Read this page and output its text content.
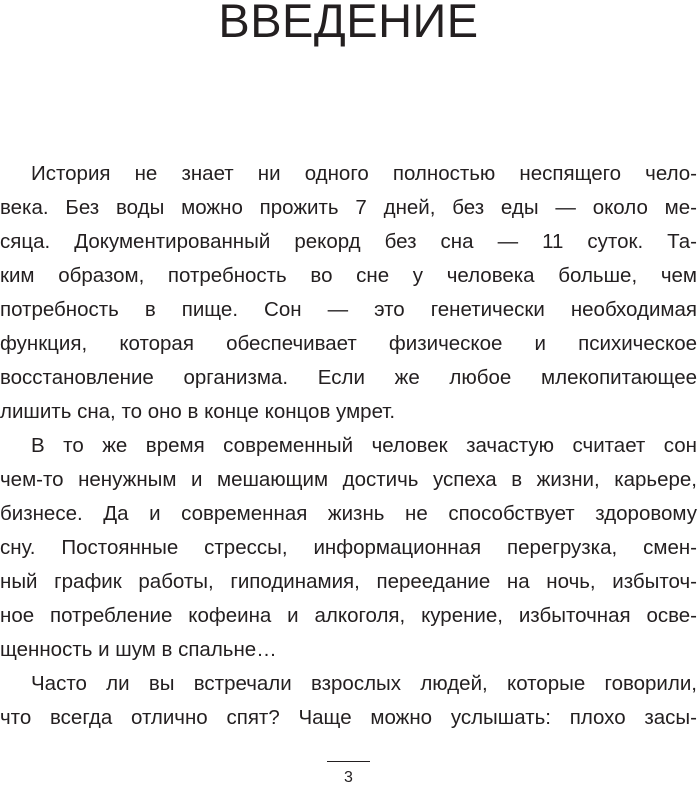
ВВЕДЕНИЕ
История не знает ни одного полностью неспящего чело-
века. Без воды можно прожить 7 дней, без еды — около ме-
сяца. Документированный рекорд без сна — 11 суток. Та-
ким образом, потребность во сне у человека больше, чем
потребность в пище. Сон — это генетически необходимая
функция, которая обеспечивает физическое и психическое
восстановление организма. Если же любое млекопитающее
лишить сна, то оно в конце концов умрет.
В то же время современный человек зачастую считает сон
чем-то ненужным и мешающим достичь успеха в жизни, карьере,
бизнесе. Да и современная жизнь не способствует здоровому
сну. Постоянные стрессы, информационная перегрузка, смен-
ный график работы, гиподинамия, переедание на ночь, избыточ-
ное потребление кофеина и алкоголя, курение, избыточная осве-
щенность и шум в спальне…
Часто ли вы встречали взрослых людей, которые говорили,
что всегда отлично спят? Чаще можно услышать: плохо засы-
3
